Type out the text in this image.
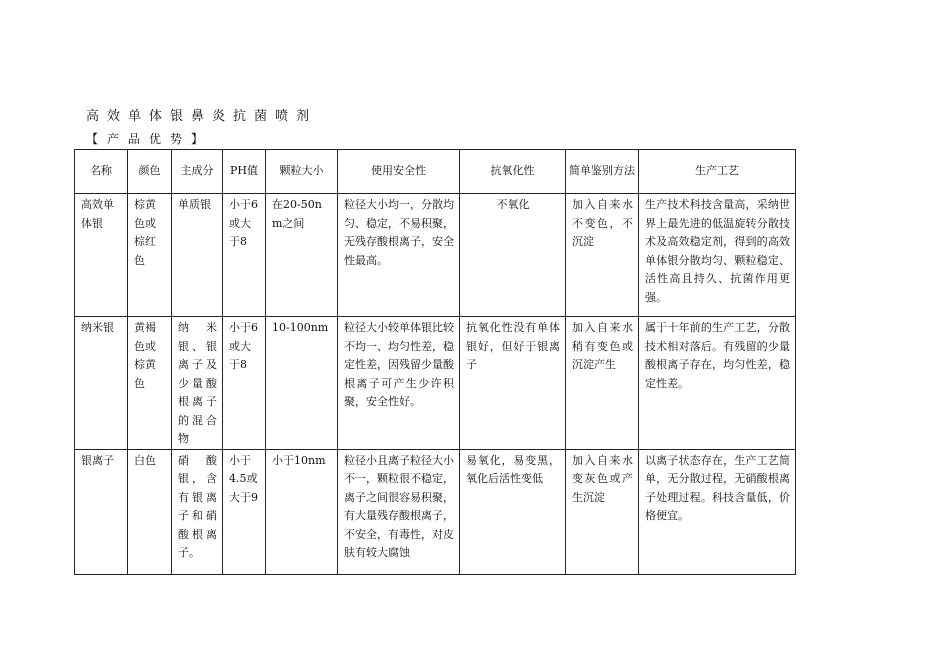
高效单体银鼻炎抗菌喷剂
【产品优势】
名称	颜色	主成分	PH值	颗粒大小	使用安全性	抗氧化性	简单鉴别方法	生产工艺
高效单体银	棕黄色或棕红色	单质银	小于6或大于8	在20-50nm之间	粒径大小均一，分散均匀、稳定，不易积聚，无残存酸根离子，安全性最高。	不氧化	加入自来水不变色，不沉淀	生产技术科技含量高，采纳世界上最先进的低温旋转分散技术及高效稳定剂，得到的高效单体银分散均匀、颗粒稳定、活性高且持久、抗菌作用更强。
纳米银	黄褐色或棕黄色	纳米银、银离子及少量酸根离子的混合物	小于6或大于8	10-100nm	粒径大小较单体银比较不均一、均匀性差，稳定性差，因残留少量酸根离子可产生少许积聚，安全性好。	抗氧化性没有单体银好，但好于银离子	加入自来水稍有变色或沉淀产生	属于十年前的生产工艺，分散技术相对落后。有残留的少量酸根离子存在，均匀性差，稳定性差。
银离子	白色	硝酸银，含有银离子和硝酸根离子。	小于4.5或大于9	小于10nm	粒径小且离子粒径大小不一，颗粒很不稳定，离子之间很容易积聚，有大量残存酸根离子，不安全，有毒性，对皮肤有较大腐蚀	易氧化，易变黑，氧化后活性变低	加入自来水变灰色或产生沉淀	以离子状态存在，生产工艺简单，无分散过程，无硝酸根离子处理过程。科技含量低，价格便宜。
